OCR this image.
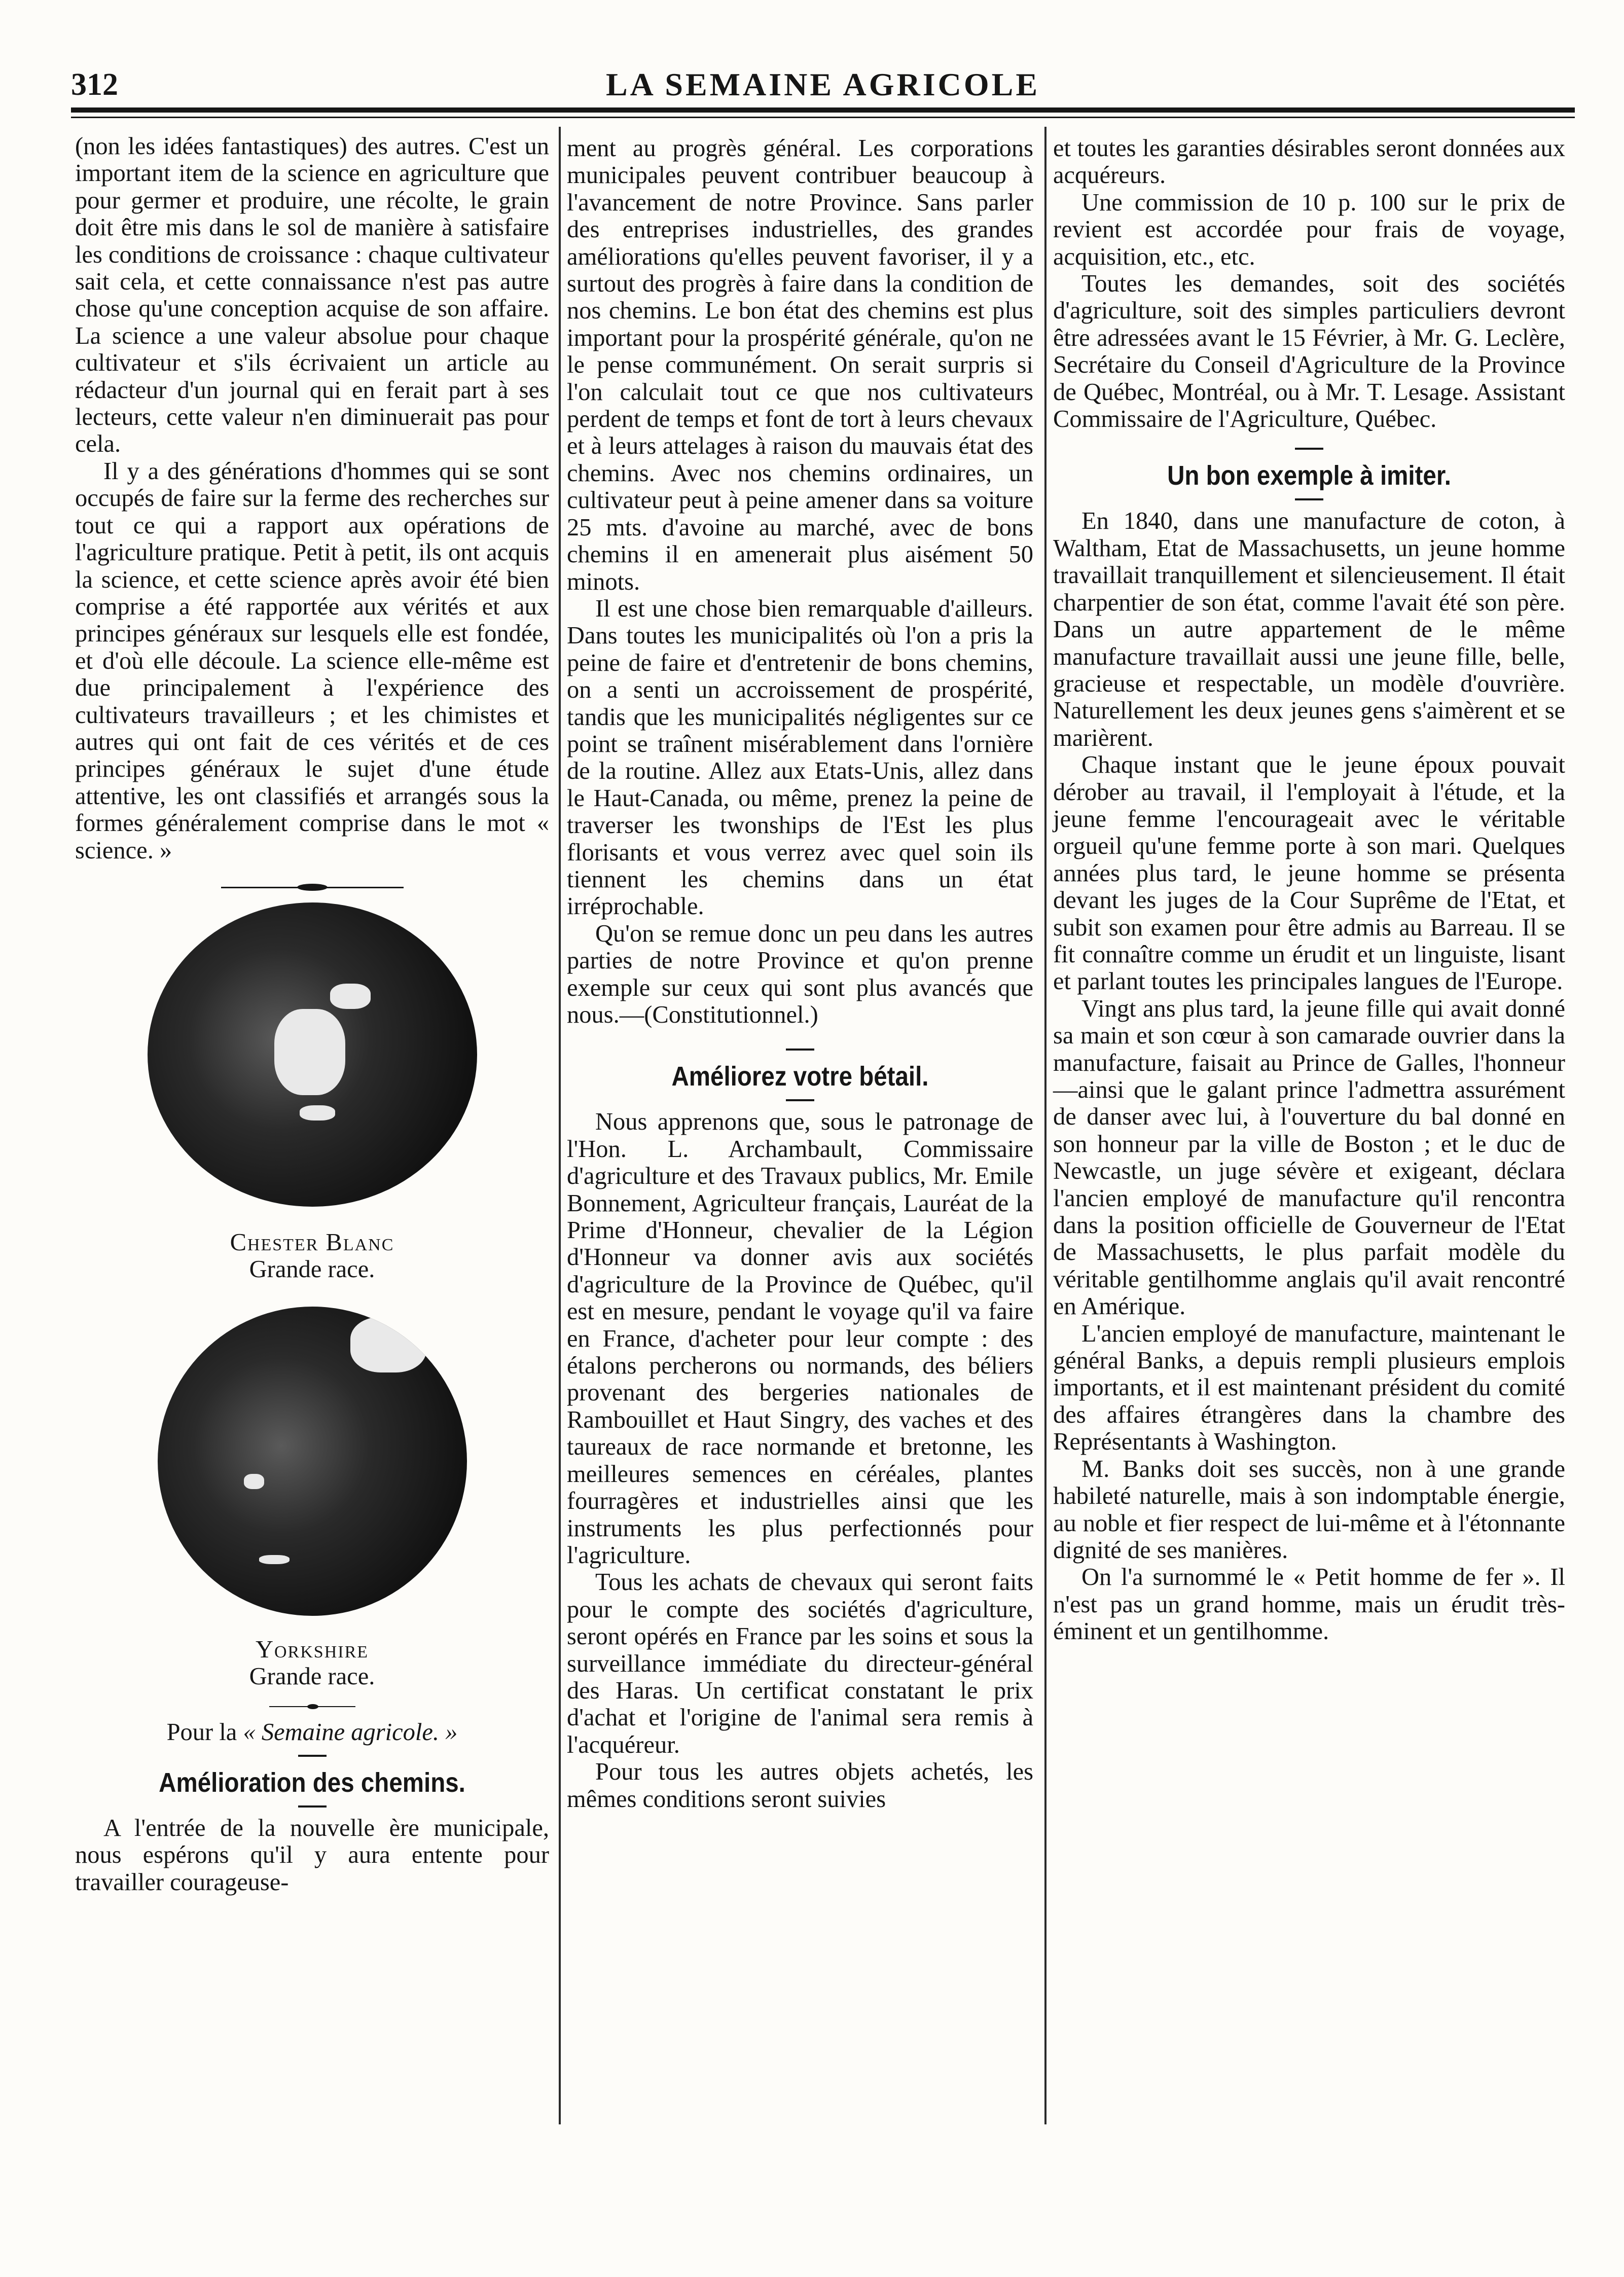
312	LA SEMAINE AGRICOLE

(non les idées fantastiques) des autres. C'est un important item de la science en agriculture que pour germer et produire, une récolte, le grain doit être mis dans le sol de manière à satisfaire les conditions de croissance : chaque cultivateur sait cela, et cette connaissance n'est pas autre chose qu'une conception acquise de son affaire. La science a une valeur absolue pour chaque cultivateur et s'ils écrivaient un article au rédacteur d'un journal qui en ferait part à ses lecteurs, cette valeur n'en diminuerait pas pour cela.

Il y a des générations d'hommes qui se sont occupés de faire sur la ferme des recherches sur tout ce qui a rapport aux opérations de l'agriculture pratique. Petit à petit, ils ont acquis la science, et cette science après avoir été bien comprise a été rapportée aux vérités et aux principes généraux sur lesquels elle est fondée, et d'où elle découle. La science elle-même est due principalement à l'expérience des cultivateurs travailleurs ; et les chimistes et autres qui ont fait de ces vérités et de ces principes généraux le sujet d'une étude attentive, les ont classifiés et arrangés sous la formes généralement comprise dans le mot « science. »

Chester Blanc
Grande race.
Yorkshire
Grande race.
Pour la « Semaine agricole. »
Amélioration des chemins.

A l'entrée de la nouvelle ère municipale, nous espérons qu'il y aura entente pour travailler courageuse-

ment au progrès général. Les corporations municipales peuvent contribuer beaucoup à l'avancement de notre Province. Sans parler des entreprises industrielles, des grandes améliorations qu'elles peuvent favoriser, il y a surtout des progrès à faire dans la condition de nos chemins. Le bon état des chemins est plus important pour la prospérité générale, qu'on ne le pense communément. On serait surpris si l'on calculait tout ce que nos cultivateurs perdent de temps et font de tort à leurs chevaux et à leurs attelages à raison du mauvais état des chemins. Avec nos chemins ordinaires, un cultivateur peut à peine amener dans sa voiture 25 mts. d'avoine au marché, avec de bons chemins il en amenerait plus aisément 50 minots.

Il est une chose bien remarquable d'ailleurs. Dans toutes les municipalités où l'on a pris la peine de faire et d'entretenir de bons chemins, on a senti un accroissement de prospérité, tandis que les municipalités négligentes sur ce point se traînent misérablement dans l'ornière de la routine. Allez aux Etats-Unis, allez dans le Haut-Canada, ou même, prenez la peine de traverser les twonships de l'Est les plus florisants et vous verrez avec quel soin ils tiennent les chemins dans un état irréprochable.

Qu'on se remue donc un peu dans les autres parties de notre Province et qu'on prenne exemple sur ceux qui sont plus avancés que nous.—(Constitutionnel.)

Améliorez votre bétail.

Nous apprenons que, sous le patronage de l'Hon. L. Archambault, Commissaire d'agriculture et des Travaux publics, Mr. Emile Bonnement, Agriculteur français, Lauréat de la Prime d'Honneur, chevalier de la Légion d'Honneur va donner avis aux sociétés d'agriculture de la Province de Québec, qu'il est en mesure, pendant le voyage qu'il va faire en France, d'acheter pour leur compte : des étalons percherons ou normands, des béliers provenant des bergeries nationales de Rambouillet et Haut Singry, des vaches et des taureaux de race normande et bretonne, les meilleures semences en céréales, plantes fourragères et industrielles ainsi que les instruments les plus perfectionnés pour l'agriculture.

Tous les achats de chevaux qui seront faits pour le compte des sociétés d'agriculture, seront opérés en France par les soins et sous la surveillance immédiate du directeur-général des Haras. Un certificat constatant le prix d'achat et l'origine de l'animal sera remis à l'acquéreur.

Pour tous les autres objets achetés, les mêmes conditions seront suivies

et toutes les garanties désirables seront données aux acquéreurs.

Une commission de 10 p. 100 sur le prix de revient est accordée pour frais de voyage, acquisition, etc., etc.

Toutes les demandes, soit des sociétés d'agriculture, soit des simples particuliers devront être adressées avant le 15 Février, à Mr. G. Leclère, Secrétaire du Conseil d'Agriculture de la Province de Québec, Montréal, ou à Mr. T. Lesage. Assistant Commissaire de l'Agriculture, Québec.

Un bon exemple à imiter.

En 1840, dans une manufacture de coton, à Waltham, Etat de Massachusetts, un jeune homme travaillait tranquillement et silencieusement. Il était charpentier de son état, comme l'avait été son père. Dans un autre appartement de le même manufacture travaillait aussi une jeune fille, belle, gracieuse et respectable, un modèle d'ouvrière. Naturellement les deux jeunes gens s'aimèrent et se marièrent.

Chaque instant que le jeune époux pouvait dérober au travail, il l'employait à l'étude, et la jeune femme l'encourageait avec le véritable orgueil qu'une femme porte à son mari. Quelques années plus tard, le jeune homme se présenta devant les juges de la Cour Suprême de l'Etat, et subit son examen pour être admis au Barreau. Il se fit connaître comme un érudit et un linguiste, lisant et parlant toutes les principales langues de l'Europe.

Vingt ans plus tard, la jeune fille qui avait donné sa main et son cœur à son camarade ouvrier dans la manufacture, faisait au Prince de Galles, l'honneur—ainsi que le galant prince l'admettra assurément de danser avec lui, à l'ouverture du bal donné en son honneur par la ville de Boston ; et le duc de Newcastle, un juge sévère et exigeant, déclara l'ancien employé de manufacture qu'il rencontra dans la position officielle de Gouverneur de l'Etat de Massachusetts, le plus parfait modèle du véritable gentilhomme anglais qu'il avait rencontré en Amérique.

L'ancien employé de manufacture, maintenant le général Banks, a depuis rempli plusieurs emplois importants, et il est maintenant président du comité des affaires étrangères dans la chambre des Représentants à Washington.

M. Banks doit ses succès, non à une grande habileté naturelle, mais à son indomptable énergie, au noble et fier respect de lui-même et à l'étonnante dignité de ses manières.

On l'a surnommé le « Petit homme de fer ». Il n'est pas un grand homme, mais un érudit très-éminent et un gentilhomme.
